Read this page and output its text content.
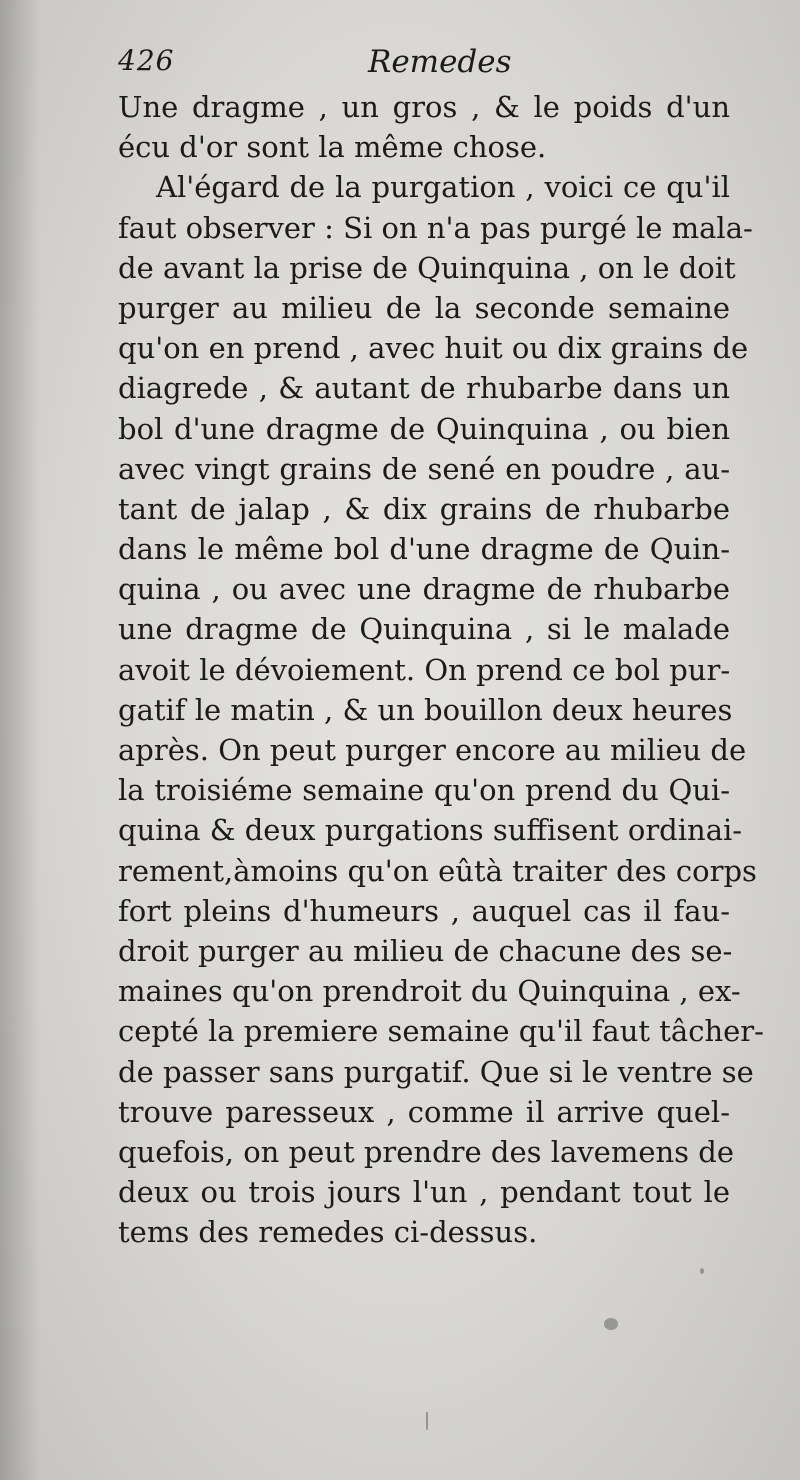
426	Remedes
Une dragme , un gros , & le poids d'un
écu d'or sont la même chose.
Al'égard de la purgation , voici ce qu'il
faut observer : Si on n'a pas purgé le mala-
de avant la prise de Quinquina , on le doit
purger au milieu de la seconde semaine
qu'on en prend , avec huit ou dix grains de
diagrede , & autant de rhubarbe dans un
bol d'une dragme de Quinquina , ou bien
avec vingt grains de sené en poudre , au-
tant de jalap , & dix grains de rhubarbe
dans le même bol d'une dragme de Quin-
quina , ou avec une dragme de rhubarbe
une dragme de Quinquina , si le malade
avoit le dévoiement. On prend ce bol pur-
gatif le matin , & un bouillon deux heures
après. On peut purger encore au milieu de
la troisiéme semaine qu'on prend du Qui-
quina & deux purgations suffisent ordinai-
rement,àmoins qu'on eûtà traiter des corps
fort pleins d'humeurs , auquel cas il fau-
droit purger au milieu de chacune des se-
maines qu'on prendroit du Quinquina , ex-
cepté la premiere semaine qu'il faut tâcher-
de passer sans purgatif. Que si le ventre se
trouve paresseux , comme il arrive quel-
quefois, on peut prendre des lavemens de
deux ou trois jours l'un , pendant tout le
tems des remedes ci-dessus.
